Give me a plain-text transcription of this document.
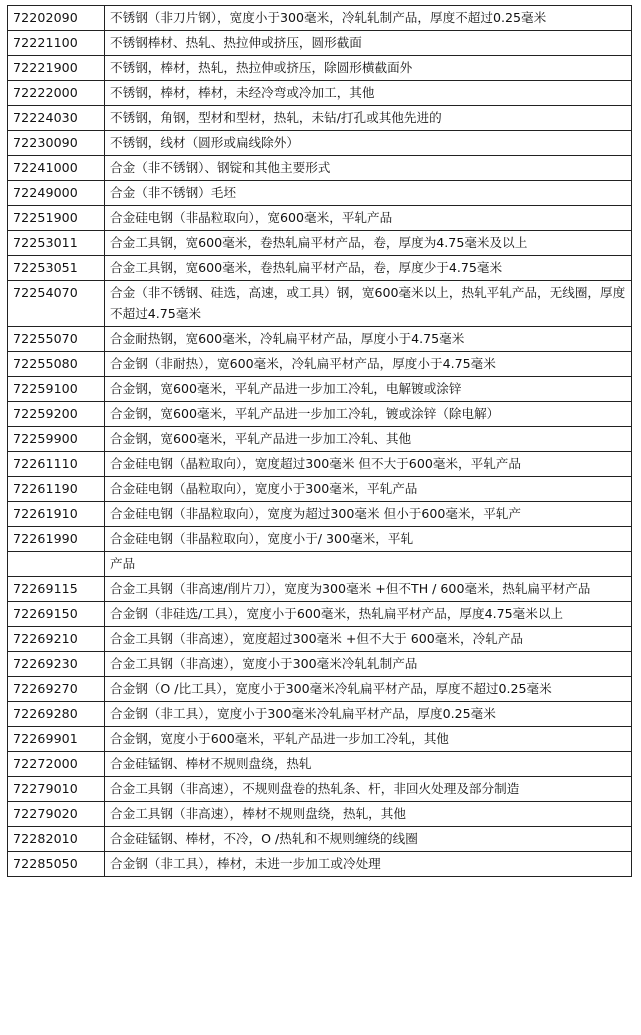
72202090	不锈钢（非刀片钢），宽度小于300毫米，冷轧轧制产品，厚度不超过0.25毫米
72221100	不锈钢棒材、热轧、热拉伸或挤压，圆形截面
72221900	不锈钢，棒材，热轧，热拉伸或挤压，除圆形横截面外
72222000	不锈钢，棒材，棒材，未经冷弯或冷加工，其他
72224030	不锈钢，角钢，型材和型材，热轧，未钻/打孔或其他先进的
72230090	不锈钢，线材（圆形或扁线除外）
72241000	合金（非不锈钢）、钢锭和其他主要形式
72249000	合金（非不锈钢）毛坯
72251900	合金硅电钢（非晶粒取向），宽600毫米，平轧产品
72253011	合金工具钢，宽600毫米，卷热轧扁平材产品，卷，厚度为4.75毫米及以上
72253051	合金工具钢，宽600毫米，卷热轧扁平材产品，卷，厚度少于4.75毫米
72254070	合金（非不锈钢、硅选，高速，或工具）钢，宽600毫米以上，热轧平轧产品，无线圈，厚度不超过4.75毫米
72255070	合金耐热钢，宽600毫米，冷轧扁平材产品，厚度小于4.75毫米
72255080	合金钢（非耐热），宽600毫米，冷轧扁平材产品，厚度小于4.75毫米
72259100	合金钢，宽600毫米，平轧产品进一步加工冷轧，电解镀或涂锌
72259200	合金钢，宽600毫米，平轧产品进一步加工冷轧，镀或涂锌（除电解）
72259900	合金钢，宽600毫米，平轧产品进一步加工冷轧、其他
72261110	合金硅电钢（晶粒取向），宽度超过300毫米 但不大于600毫米，平轧产品
72261190	合金硅电钢（晶粒取向），宽度小于300毫米，平轧产品
72261910	合金硅电钢（非晶粒取向），宽度为超过300毫米 但小于600毫米，平轧产
72261990	合金硅电钢（非晶粒取向），宽度小于/ 300毫米，平轧
	产品
72269115	合金工具钢（非高速/削片刀），宽度为300毫米 +但不TH / 600毫米，热轧扁平材产品
72269150	合金钢（非硅选/工具），宽度小于600毫米，热轧扁平材产品，厚度4.75毫米以上
72269210	合金工具钢（非高速），宽度超过300毫米 +但不大于 600毫米，冷轧产品
72269230	合金工具钢（非高速），宽度小于300毫米冷轧轧制产品
72269270	合金钢（O /比工具），宽度小于300毫米冷轧扁平材产品，厚度不超过0.25毫米
72269280	合金钢（非工具），宽度小于300毫米冷轧扁平材产品，厚度0.25毫米
72269901	合金钢，宽度小于600毫米，平轧产品进一步加工冷轧，其他
72272000	合金硅锰钢、棒材不规则盘绕，热轧
72279010	合金工具钢（非高速），不规则盘卷的热轧条、杆，非回火处理及部分制造
72279020	合金工具钢（非高速），棒材不规则盘绕，热轧，其他
72282010	合金硅锰钢、棒材，不冷，O /热轧和不规则缠绕的线圈
72285050	合金钢（非工具），棒材，未进一步加工或冷处理
